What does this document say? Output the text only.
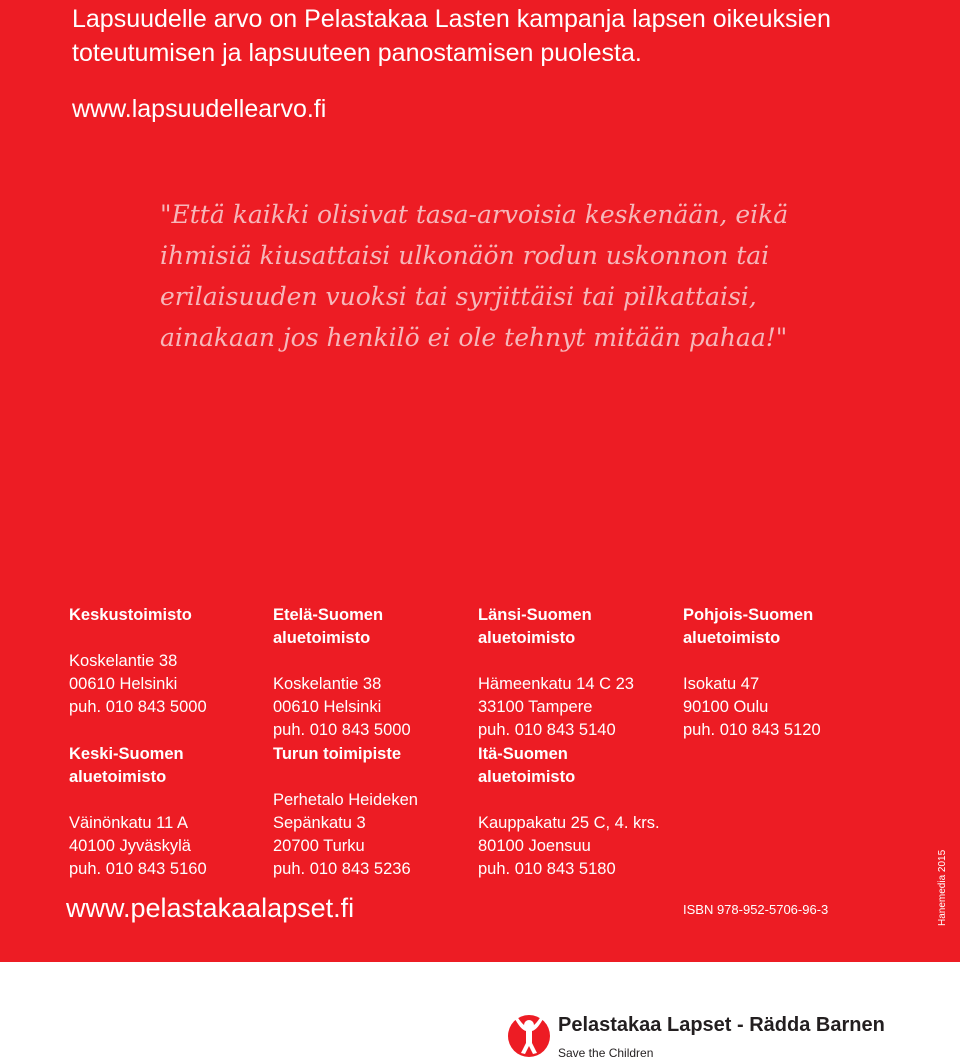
Lapsuudelle arvo on Pelastakaa Lasten kampanja lapsen oikeuksien toteutumisen ja lapsuuteen panostamisen puolesta.
www.lapsuudellearvo.fi
"Että kaikki olisivat tasa-arvoisia keskenään, eikä ihmisiä kiusattaisi ulkonäön rodun uskonnon tai erilaisuuden vuoksi tai syrjittäisi tai pilkattaisi, ainakaan jos henkilö ei ole tehnyt mitään pahaa!"

Keskustoimisto

Koskelantie 38
00610 Helsinki
puh. 010 843 5000

Etelä-Suomen
aluetoimisto

Koskelantie 38
00610 Helsinki
puh. 010 843 5000

Länsi-Suomen
aluetoimisto

Hämeenkatu 14 C 23
33100 Tampere
puh. 010 843 5140

Pohjois-Suomen
aluetoimisto

Isokatu 47
90100 Oulu
puh. 010 843 5120

Keski-Suomen
aluetoimisto

Väinönkatu 11 A
40100 Jyväskylä
puh. 010 843 5160

Turun toimipiste

Perhetalo Heideken
Sepänkatu 3
20700 Turku
puh. 010 843 5236

Itä-Suomen
aluetoimisto

Kauppakatu 25 C, 4. krs.
80100 Joensuu
puh. 010 843 5180

www.pelastakaalapset.fi	ISBN 978-952-5706-96-3	Hanemedia 2015
Pelastakaa Lapset - Rädda Barnen
Save the Children
